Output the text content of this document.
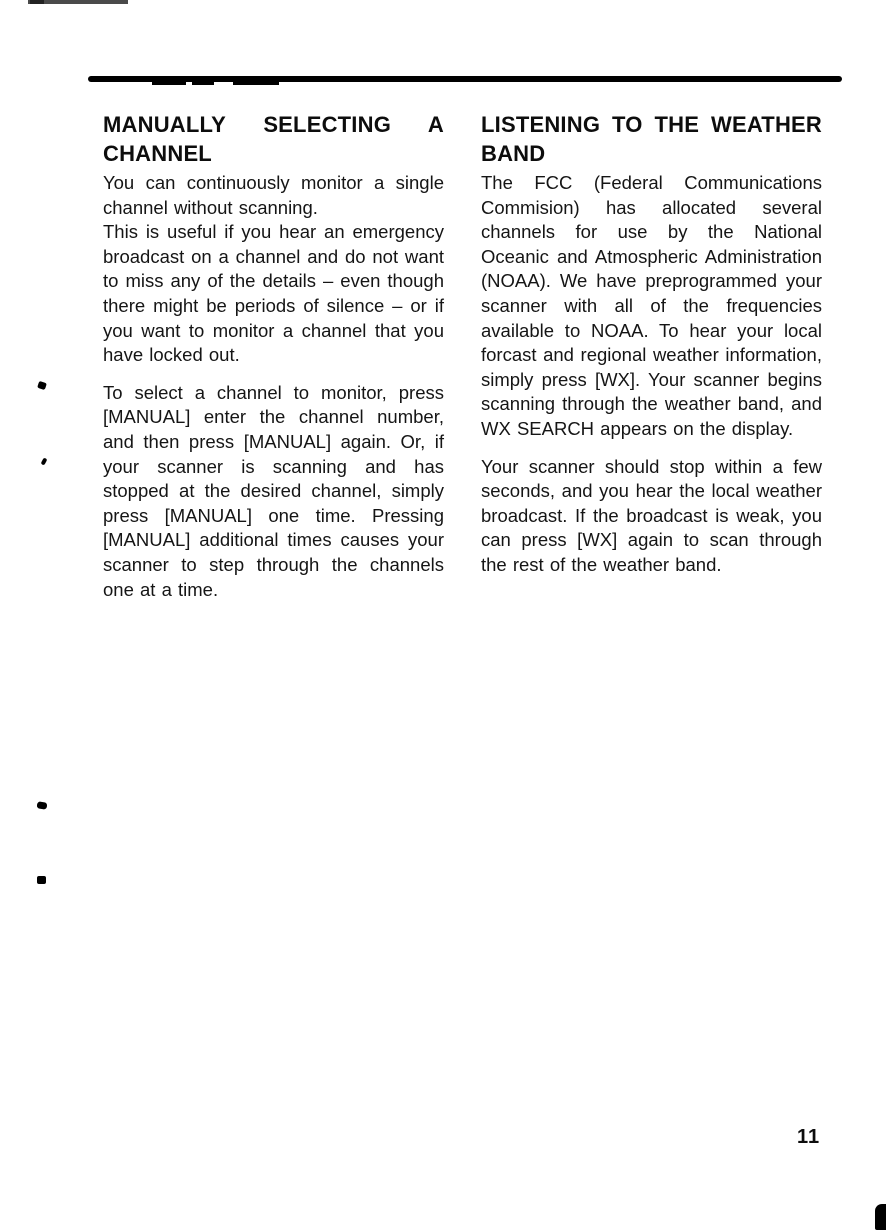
MANUALLY SELECTING A
CHANNEL

You can continuously monitor a single channel without scanning.

This is useful if you hear an emergency broadcast on a channel and do not want to miss any of the details – even though there might be periods of silence – or if you want to monitor a channel that you have locked out.

To select a channel to monitor, press [MANUAL] enter the channel number, and then press [MANUAL] again. Or, if your scanner is scanning and has stopped at the desired channel, simply press [MANUAL] one time. Pressing [MANUAL] additional times causes your scanner to step through the channels one at a time.

LISTENING TO THE WEATHER
BAND

The FCC (Federal Communications Commision) has allocated several channels for use by the National Oceanic and Atmospheric Administration (NOAA). We have preprogrammed your scanner with all of the frequencies available to NOAA. To hear your local forcast and regional weather information, simply press [WX]. Your scanner begins scanning through the weather band, and WX SEARCH appears on the display.

Your scanner should stop within a few seconds, and you hear the local weather broadcast. If the broadcast is weak, you can press [WX] again to scan through the rest of the weather band.

11
